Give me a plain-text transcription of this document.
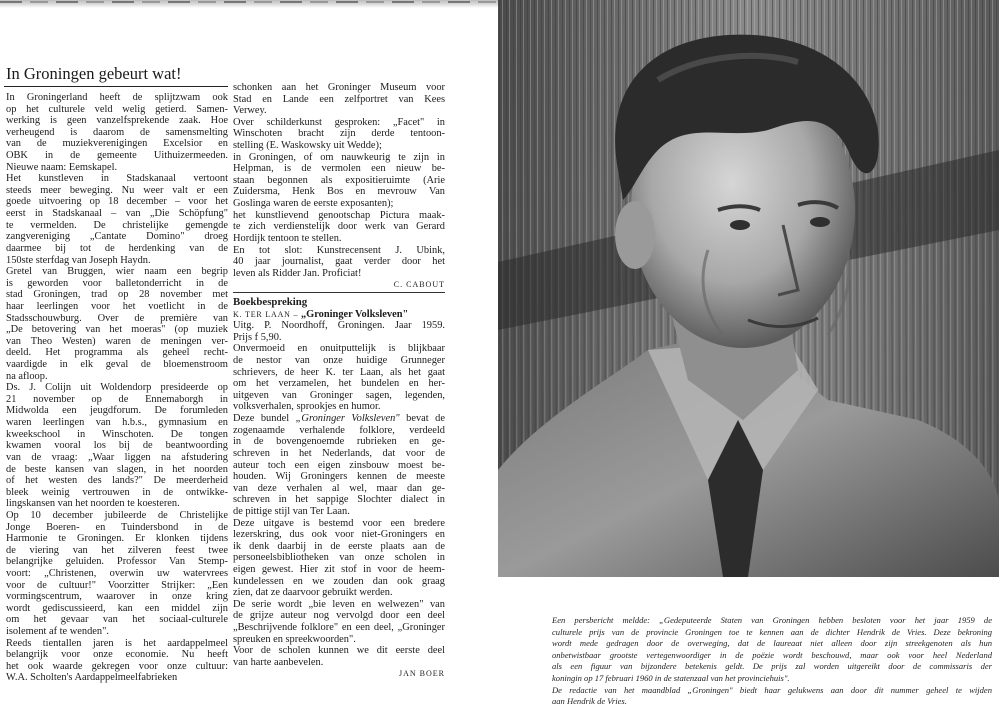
In Groningen gebeurt wat!
In Groningerland heeft de splijtzwam ook
op het culturele veld welig getierd. Samen-
werking is geen vanzelfsprekende zaak. Hoe
verheugend is daarom de samensmelting
van de muziekverenigingen Excelsior en
OBK in de gemeente Uithuizermeeden.
Nieuwe naam: Eemskapel.
Het kunstleven in Stadskanaal vertoont
steeds meer beweging. Nu weer valt er een
goede uitvoering op 18 december – voor het
eerst in Stadskanaal – van „Die Schöpfung"
te vermelden. De christelijke gemengde
zangvereniging „Cantate Domino" droeg
daarmee bij tot de herdenking van de
150ste sterfdag van Joseph Haydn.
Gretel van Bruggen, wier naam een begrip
is geworden voor balletonderricht in de
stad Groningen, trad op 28 november met
haar leerlingen voor het voetlicht in de
Stadsschouwburg. Over de première van
„De betovering van het moeras" (op muziek
van Theo Westen) waren de meningen ver-
deeld. Het programma als geheel recht-
vaardigde in elk geval de bloemenstroom
na afloop.
Ds. J. Colijn uit Woldendorp presideerde op
21 november op de Ennemaborgh in
Midwolda een jeugdforum. De forumleden
waren leerlingen van h.b.s., gymnasium en
kweekschool in Winschoten. De tongen
kwamen vooral los bij de beantwoording
van de vraag: „Waar liggen na afstudering
de beste kansen van slagen, in het noorden
of het westen des lands?" De meerderheid
bleek weinig vertrouwen in de ontwikke-
lingskansen van het noorden te koesteren.
Op 10 december jubileerde de Christelijke
Jonge Boeren- en Tuindersbond in de
Harmonie te Groningen. Er klonken tijdens
de viering van het zilveren feest twee
belangrijke geluiden. Professor Van Stemp-
voort: „Christenen, overwin uw watervrees
voor de cultuur!" Voorzitter Strijker: „Een
vormingscentrum, waarover in onze kring
wordt gediscussieerd, kan een middel zijn
om het gevaar van het sociaal-culturele
isolement af te wenden".
Reeds tientallen jaren is het aardappelmeel
belangrijk voor onze economie. Nu heeft
het ook waarde gekregen voor onze cultuur:
W.A. Scholten's Aardappelmeelfabrieken
schonken aan het Groninger Museum voor
Stad en Lande een zelfportret van Kees
Verwey.
Over schilderkunst gesproken: „Facet" in
Winschoten bracht zijn derde tentoon-
stelling (E. Waskowsky uit Wedde);
in Groningen, of om nauwkeurig te zijn in
Helpman, is de vermolen een nieuw be-
staan begonnen als expositieruimte (Arie
Zuidersma, Henk Bos en mevrouw Van
Goslinga waren de eerste exposanten);
het kunstlievend genootschap Pictura maak-
te zich verdienstelijk door werk van Gerard
Hordijk tentoon te stellen.
En tot slot: Kunstrecensent J. Ubink,
40 jaar journalist, gaat verder door het
leven als Ridder Jan. Proficiat!
C. CABOUT
Boekbespreking
K. TER LAAN – „Groninger Volksleven"
Uitg. P. Noordhoff, Groningen. Jaar 1959.
Prijs f 5,90.
Onvermoeid en onuitputtelijk is blijkbaar
de nestor van onze huidige Grunneger
schrievers, de heer K. ter Laan, als het gaat
om het verzamelen, het bundelen en her-
uitgeven van Groninger sagen, legenden,
volksverhalen, sprookjes en humor.
Deze bundel „Groninger Volksleven" bevat de
zogenaamde verhalende folklore, verdeeld
in de bovengenoemde rubrieken en ge-
schreven in het Nederlands, dat voor de
auteur toch een eigen zinsbouw moest be-
houden. Wij Groningers kennen de meeste
van deze verhalen al wel, maar dan ge-
schreven in het sappige Slochter dialect in
de pittige stijl van Ter Laan.
Deze uitgave is bestemd voor een bredere
lezerskring, dus ook voor niet-Groningers en
ik denk daarbij in de eerste plaats aan de
personeelsbibliotheken van onze scholen in
eigen gewest. Hier zit stof in voor de heem-
kundelessen en we zouden dan ook graag
zien, dat ze daarvoor gebruikt werden.
De serie wordt „bie leven en welwezen" van
de grijze auteur nog vervolgd door een deel
„Beschrijvende folklore" en een deel, „Groninger
spreuken en spreekwoorden".
Voor de scholen kunnen we dit eerste deel
van harte aanbevelen.
JAN BOER
Een persbericht meldde: „Gedeputeerde Staten van Groningen hebben besloten voor het jaar 1959 de
culturele prijs van de provincie Groningen toe te kennen aan de dichter Hendrik de Vries. Deze bekroning
wordt mede gedragen door de overweging, dat de laureaat niet alleen door zijn streekgenoten als hun
onbetwistbaar grootste vertegenwoordiger in de poëzie wordt beschouwd, maar ook voor heel Nederland
als een figuur van bijzondere betekenis geldt. De prijs zal worden uitgereikt door de commissaris der
koningin op 17 februari 1960 in de statenzaal van het provinciehuis".
De redactie van het maandblad „Groningen" biedt haar gelukwens aan door dit nummer geheel te wijden
aan Hendrik de Vries.
